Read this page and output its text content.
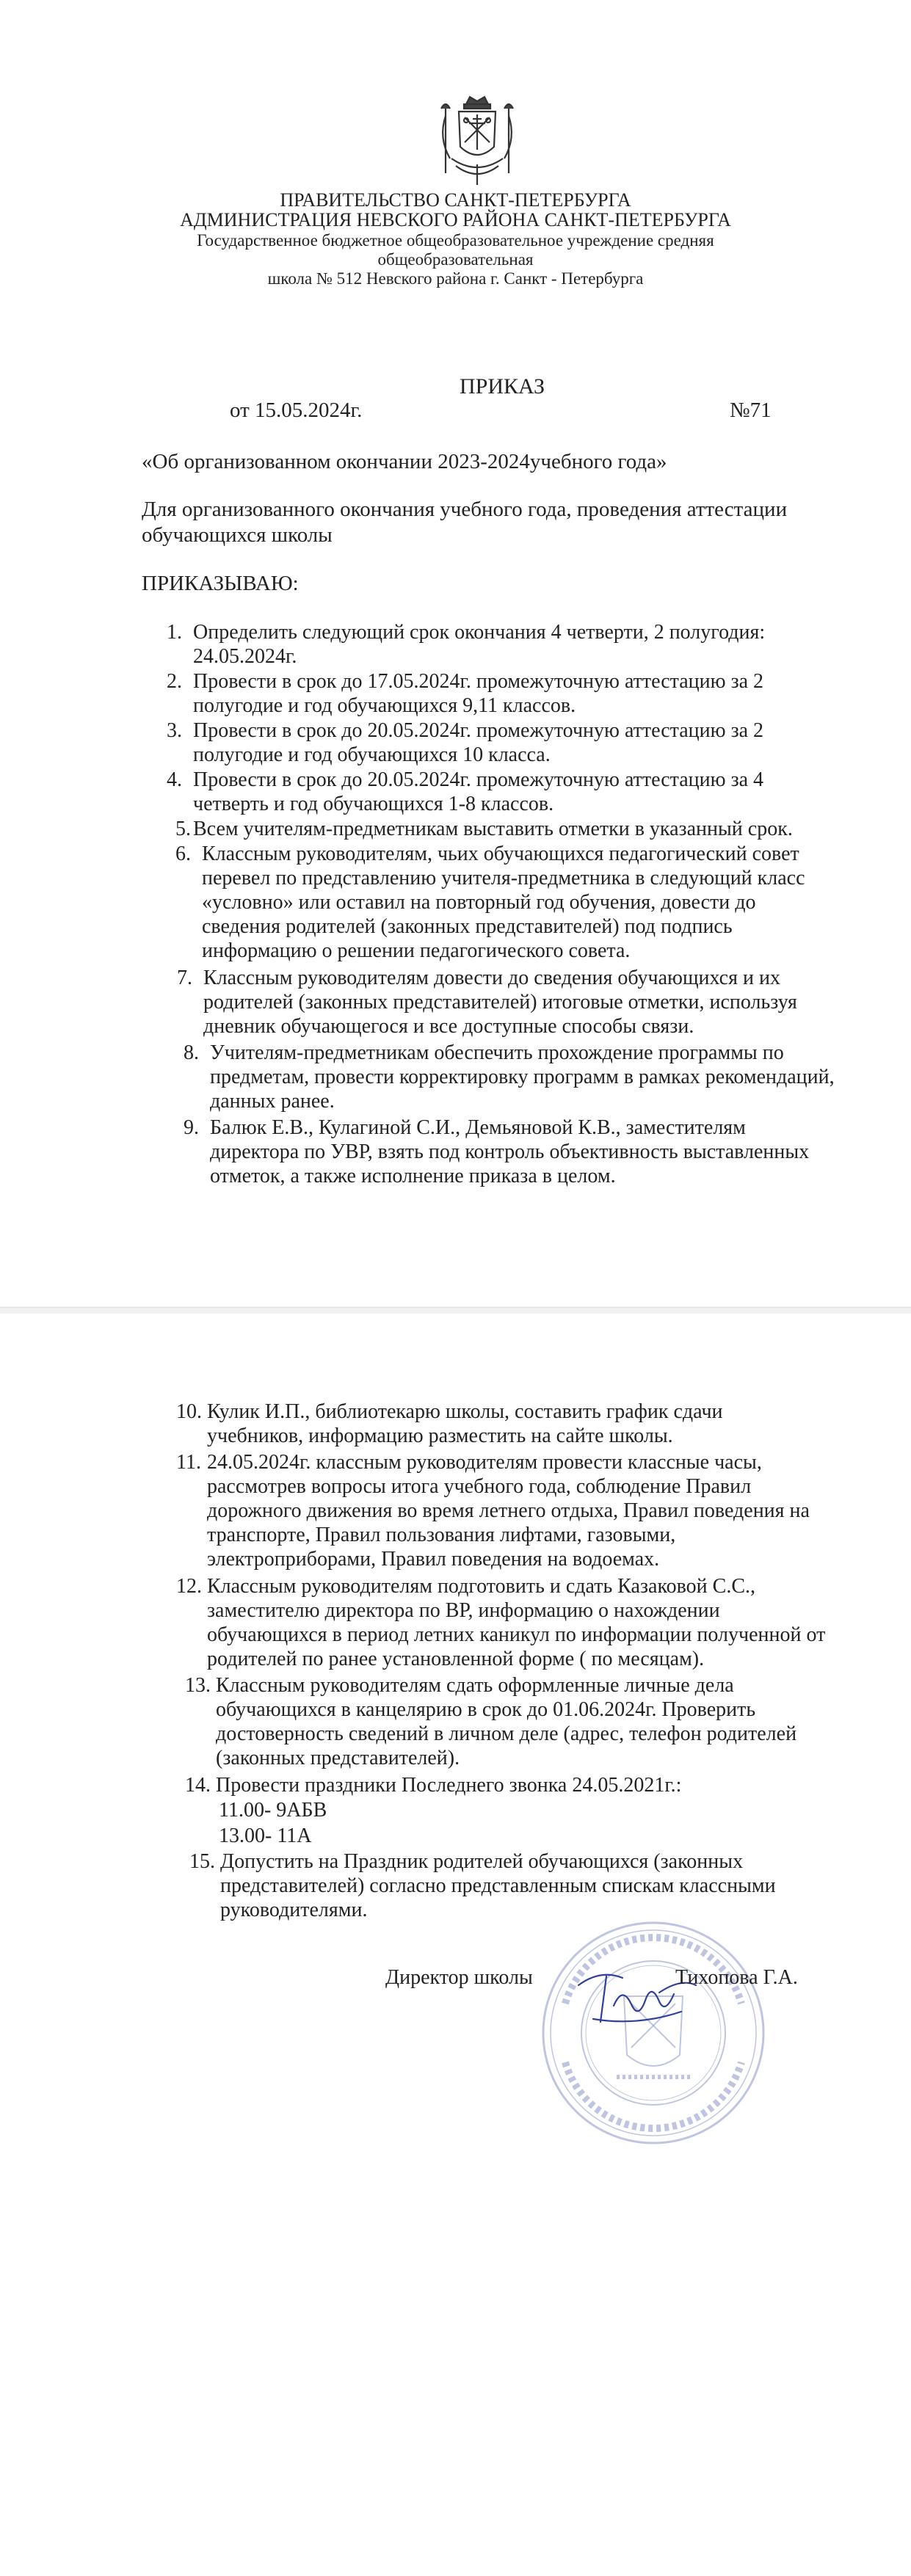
ПРАВИТЕЛЬСТВО САНКТ-ПЕТЕРБУРГА
АДМИНИСТРАЦИЯ НЕВСКОГО РАЙОНА САНКТ-ПЕТЕРБУРГА
Государственное бюджетное общеобразовательное учреждение средняя
общеобразовательная
школа № 512 Невского района г. Санкт - Петербурга
ПРИКАЗ
от 15.05.2024г.	№71
«Об организованном окончании 2023-2024учебного года»
Для организованного окончания учебного года, проведения аттестации обучающихся школы
ПРИКАЗЫВАЮ:
1. Определить следующий срок окончания 4 четверти, 2 полугодия:
24.05.2024г.
2. Провести в срок до 17.05.2024г. промежуточную аттестацию за 2
полугодие и год обучающихся 9,11 классов.
3. Провести в срок до 20.05.2024г. промежуточную аттестацию за 2
полугодие и год обучающихся 10 класса.
4. Провести в срок до 20.05.2024г. промежуточную аттестацию за 4
четверть и год обучающихся 1-8 классов.
5. Всем учителям-предметникам выставить отметки в указанный срок.
6. Классным руководителям, чьих обучающихся педагогический совет
перевел по представлению учителя-предметника в следующий класс
«условно» или оставил на повторный год обучения, довести до
сведения родителей (законных представителей) под подпись
информацию о решении педагогического совета.
7. Классным руководителям довести до сведения обучающихся и их
родителей (законных представителей) итоговые отметки, используя
дневник обучающегося и все доступные способы связи.
8. Учителям-предметникам обеспечить прохождение программы по
предметам, провести корректировку программ в рамках рекомендаций,
данных ранее.
9. Балюк Е.В., Кулагиной С.И., Демьяновой К.В., заместителям
директора по УВР, взять под контроль объективность выставленных
отметок, а также исполнение приказа в целом.
10. Кулик И.П., библиотекарю школы, составить график сдачи
учебников, информацию разместить на сайте школы.
11. 24.05.2024г. классным руководителям провести классные часы,
рассмотрев вопросы итога учебного года, соблюдение Правил
дорожного движения во время летнего отдыха, Правил поведения на
транспорте, Правил пользования лифтами, газовыми,
электроприборами, Правил поведения на водоемах.
12. Классным руководителям подготовить и сдать Казаковой С.С.,
заместителю директора по ВР, информацию о нахождении
обучающихся в период летних каникул по информации полученной от
родителей по ранее установленной форме ( по месяцам).
13. Классным руководителям сдать оформленные личные дела
обучающихся в канцелярию в срок до 01.06.2024г. Проверить
достоверность сведений в личном деле (адрес, телефон родителей
(законных представителей).
14. Провести праздники Последнего звонка 24.05.2021г.:
11.00- 9АБВ
13.00- 11А
15. Допустить на Праздник родителей обучающихся (законных
представителей) согласно представленным спискам классными
руководителями.
Директор школы	Тихопова Г.А.
